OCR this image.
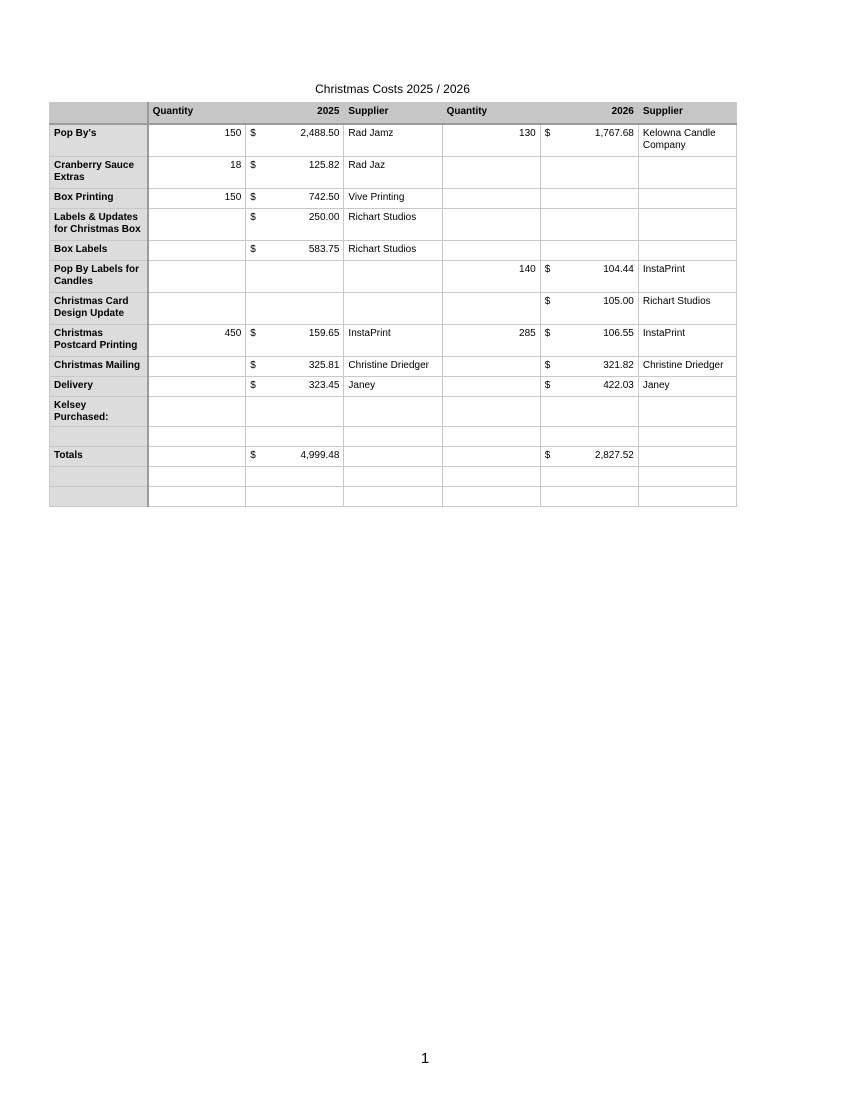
Christmas Costs 2025 / 2026
	Quantity	2025	Supplier	Quantity	2026	Supplier
Pop By's	150	$ 2,488.50	Rad Jamz	130	$ 1,767.68	Kelowna Candle Company
Cranberry Sauce Extras	18	$ 125.82	Rad Jaz		

Box Printing	150	$ 742.50	Vive Printing		

Labels & Updates for Christmas Box		$ 250.00	Richart Studios		

Box Labels		$ 583.75	Richart Studios		

Pop By Labels for Candles				140	$ 104.44	InstaPrint
Christmas Card Design Update					$ 105.00	Richart Studios
Christmas Postcard Printing	450	$ 159.65	InstaPrint	285	$ 106.55	InstaPrint
Christmas Mailing		$ 325.81	Christine Driedger		$ 321.82	Christine Driedger
Delivery		$ 323.45	Janey		$ 422.03	Janey
Kelsey Purchased:		

Totals		$ 4,999.48			$ 2,827.52	

1
